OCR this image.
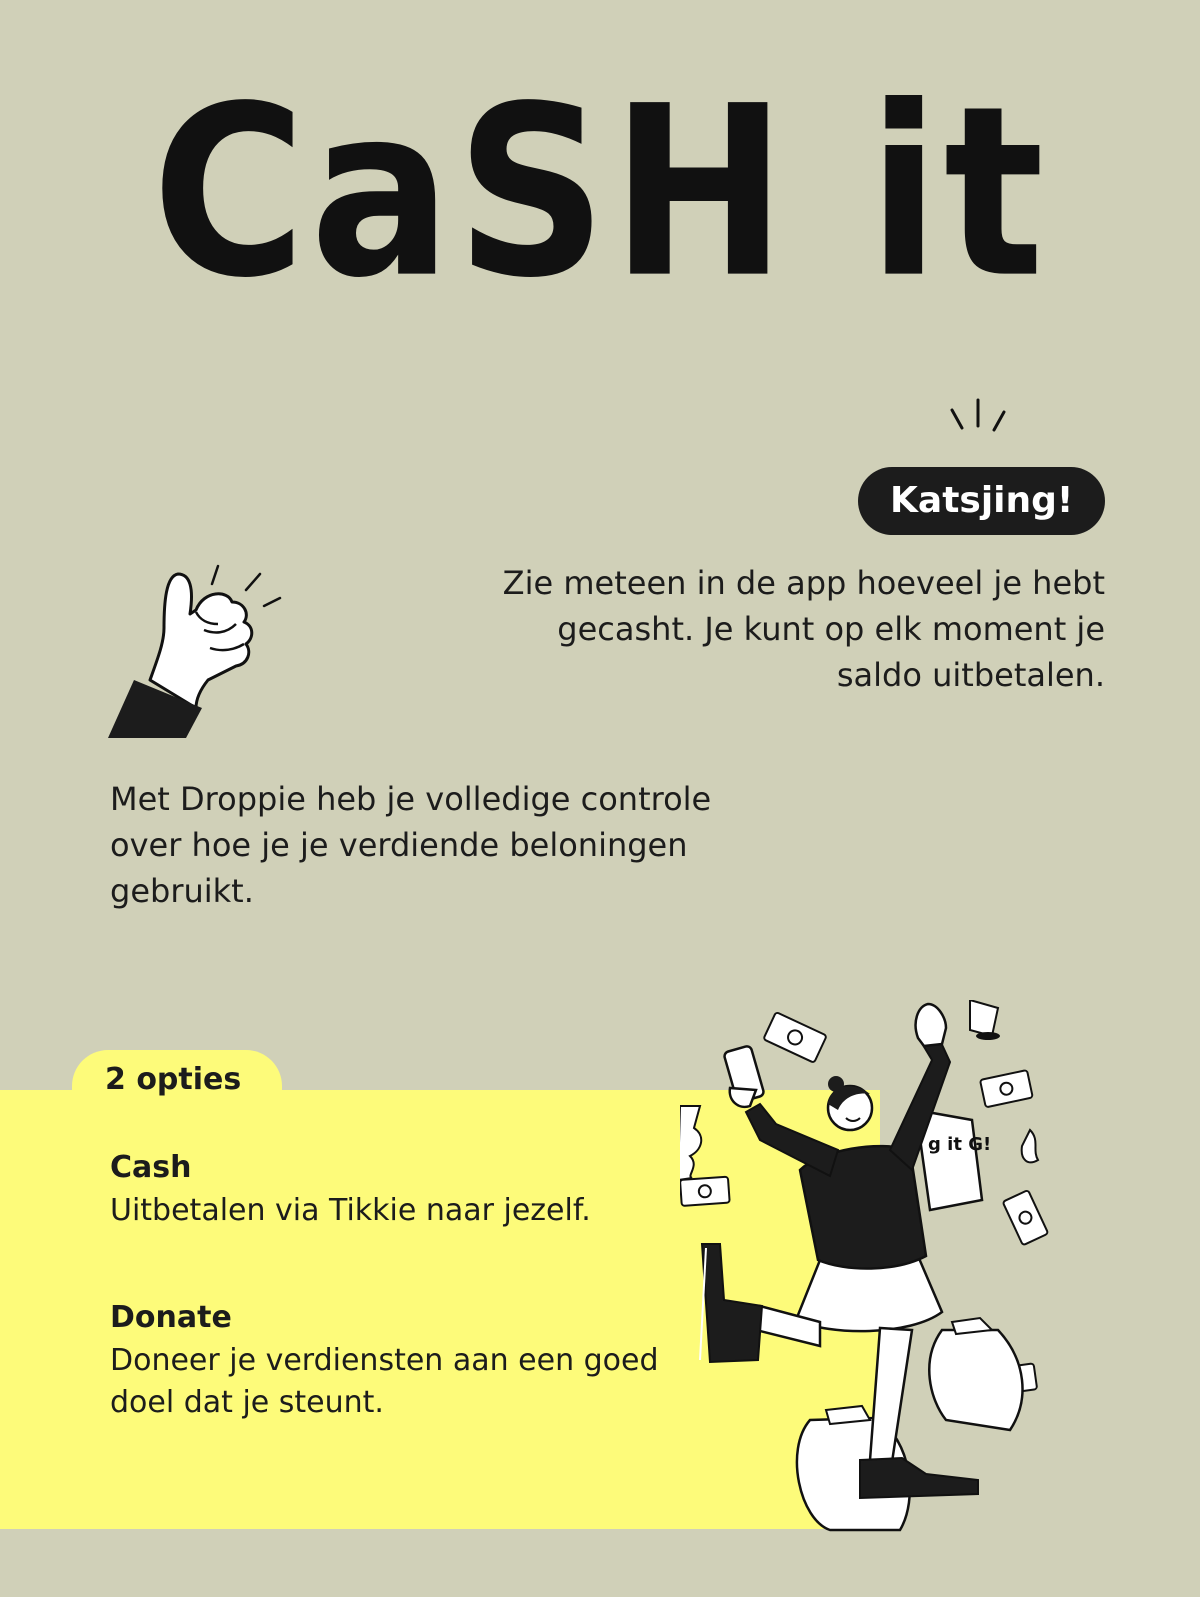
CaSH it
Katsjing!
Zie meteen in de app hoeveel je hebt gecasht. Je kunt op elk moment je saldo uitbetalen.
Met Droppie heb je volledige controle over hoe je je verdiende beloningen gebruikt.
2 opties
Cash
Uitbetalen via Tikkie naar jezelf.
Donate
Doneer je verdiensten aan een goed doel dat je steunt.
g it G!
